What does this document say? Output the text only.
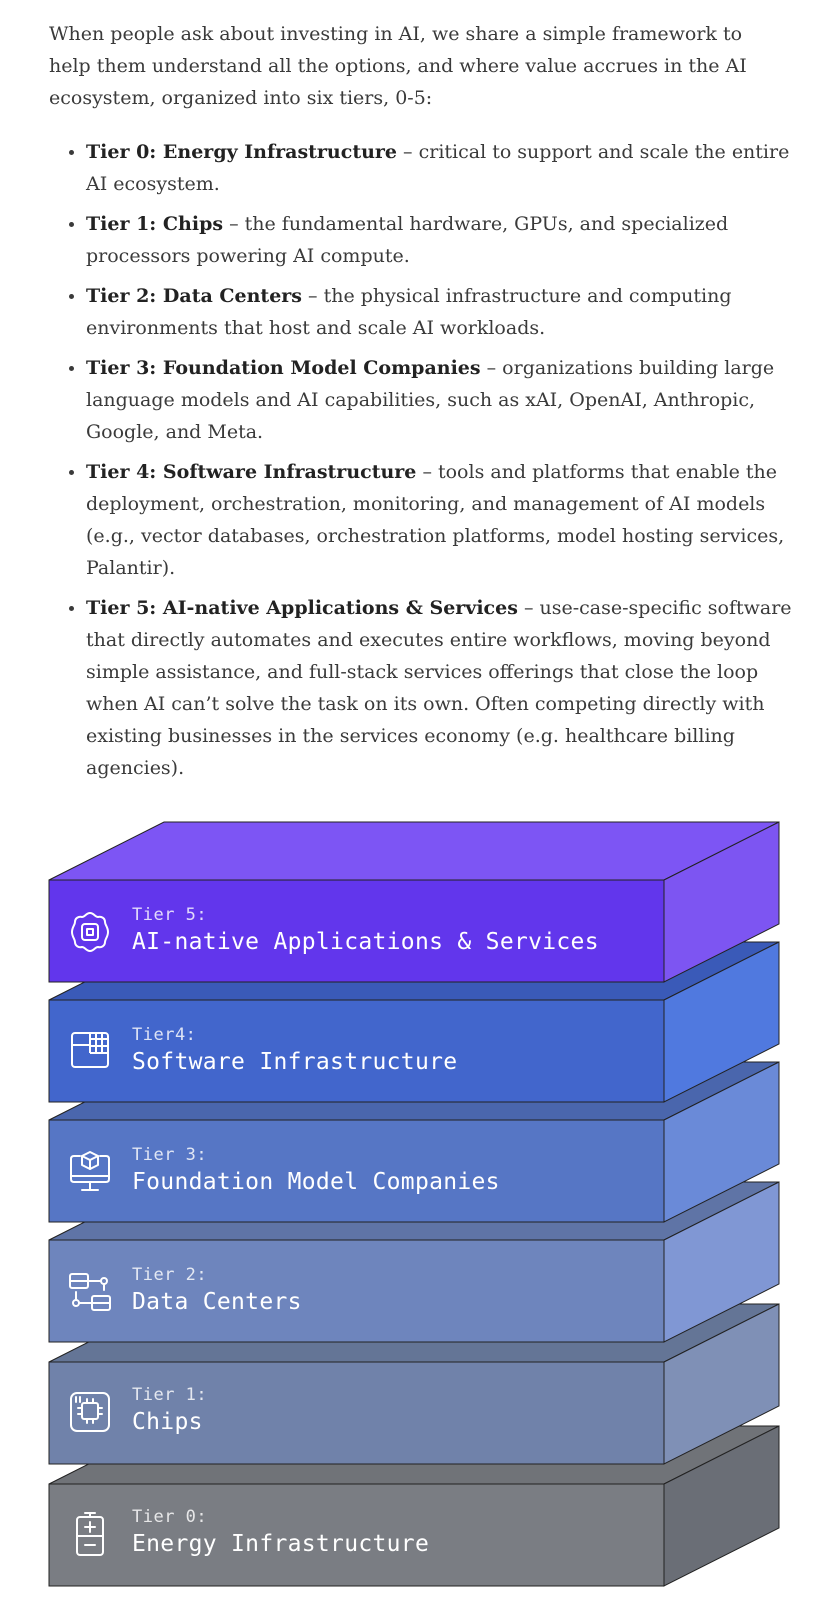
When people ask about investing in AI, we share a simple framework to help them understand all the options, and where value accrues in the AI ecosystem, organized into six tiers, 0-5:

• Tier 0: Energy Infrastructure – critical to support and scale the entire AI ecosystem.
• Tier 1: Chips – the fundamental hardware, GPUs, and specialized processors powering AI compute.
• Tier 2: Data Centers – the physical infrastructure and computing environments that host and scale AI workloads.
• Tier 3: Foundation Model Companies – organizations building large language models and AI capabilities, such as xAI, OpenAI, Anthropic, Google, and Meta.
• Tier 4: Software Infrastructure – tools and platforms that enable the deployment, orchestration, monitoring, and management of AI models (e.g., vector databases, orchestration platforms, model hosting services, Palantir).
• Tier 5: AI-native Applications & Services – use-case-specific software that directly automates and executes entire workflows, moving beyond simple assistance, and full-stack services offerings that close the loop when AI can’t solve the task on its own. Often competing directly with existing businesses in the services economy (e.g. healthcare billing agencies).
Tier 5:
AI-native Applications & Services
Tier4:
Software Infrastructure
Tier 3:
Foundation Model Companies
Tier 2:
Data Centers
Tier 1:
Chips
Tier 0:
Energy Infrastructure
